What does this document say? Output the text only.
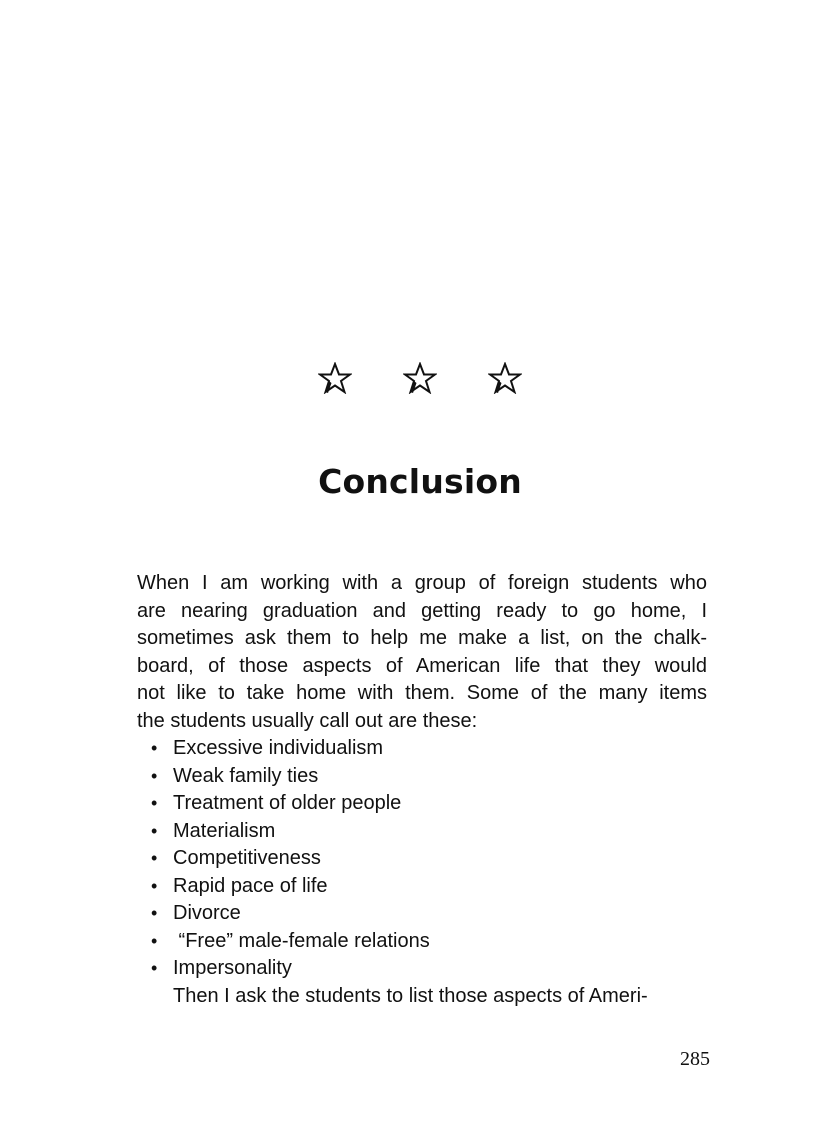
Conclusion

When I am working with a group of foreign students who
are nearing graduation and getting ready to go home, I
sometimes ask them to help me make a list, on the chalk-
board, of those aspects of American life that they would
not like to take home with them. Some of the many items
the students usually call out are these:

• Excessive individualism
• Weak family ties
• Treatment of older people
• Materialism
• Competitiveness
• Rapid pace of life
• Divorce
• “Free” male-female relations
• Impersonality

Then I ask the students to list those aspects of Ameri-

285
